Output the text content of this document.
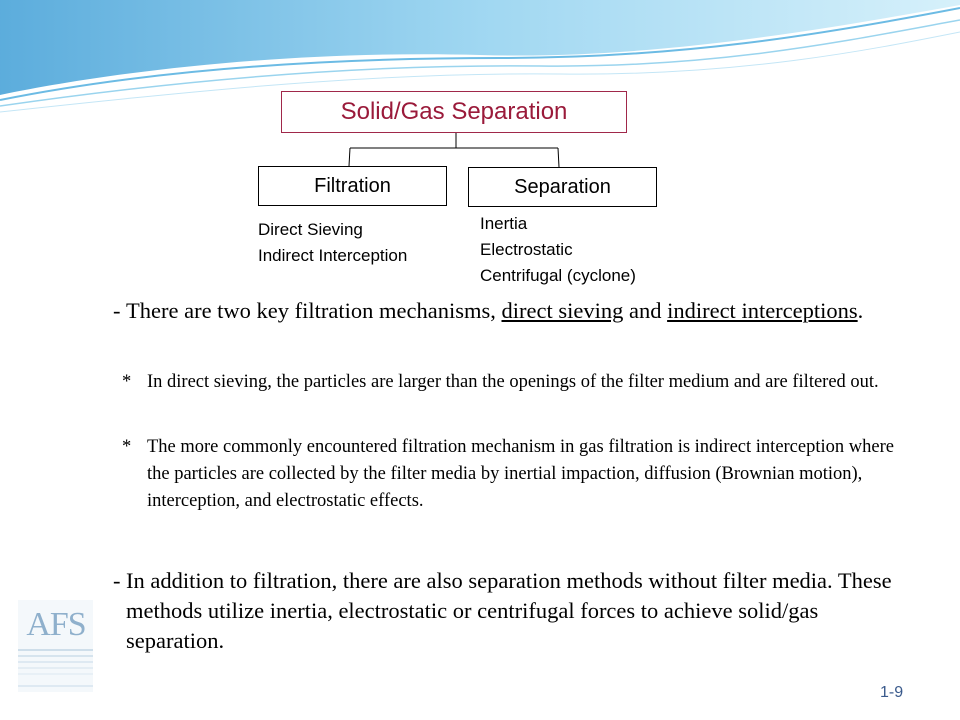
Solid/Gas Separation
Filtration	Separation
Direct Sieving
Indirect Interception
Inertia
Electrostatic
Centrifugal (cyclone)
- There are two key filtration mechanisms, direct sieving and indirect interceptions.
* In direct sieving, the particles are larger than the openings of the filter medium and are filtered out.
* The more commonly encountered filtration mechanism in gas filtration is indirect interception where the particles are collected by the filter media by inertial impaction, diffusion (Brownian motion), interception, and electrostatic effects.
- In addition to filtration, there are also separation methods without filter media. These methods utilize inertia, electrostatic or centrifugal forces to achieve solid/gas separation.
AFS
1-9
